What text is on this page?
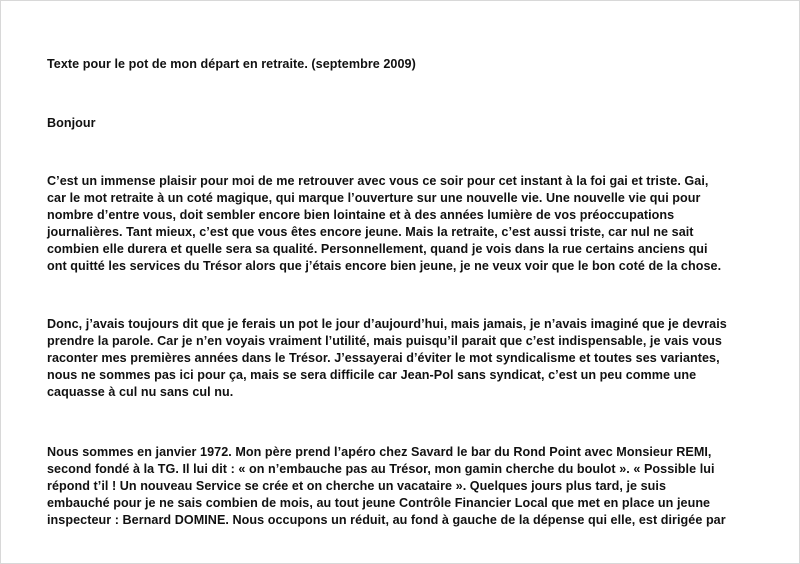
Texte pour le pot de mon départ en retraite. (septembre 2009)
Bonjour
C’est un immense plaisir pour moi de me retrouver avec vous ce soir pour cet instant à la foi gai et triste. Gai,
car le mot retraite à un coté magique, qui marque l’ouverture sur une nouvelle vie. Une nouvelle vie qui pour
nombre d’entre vous, doit sembler encore bien lointaine et à des années lumière de vos préoccupations
journalières. Tant mieux, c’est que vous êtes encore jeune. Mais la retraite, c’est aussi triste, car nul ne sait
combien elle durera et quelle sera sa qualité. Personnellement, quand je vois dans la rue certains anciens qui
ont quitté les services du Trésor alors que j’étais encore bien jeune, je ne veux voir que le bon coté de la chose.
Donc, j’avais toujours dit que je ferais un pot le jour d’aujourd’hui, mais jamais, je n’avais imaginé que je devrais
prendre la parole. Car je n’en voyais vraiment l’utilité, mais puisqu’il parait que c’est indispensable, je vais vous
raconter mes premières années dans le Trésor. J’essayerai d’éviter le mot syndicalisme et toutes ses variantes,
nous ne sommes pas ici pour ça, mais se sera difficile car Jean-Pol sans syndicat, c’est un peu comme une
caquasse à cul nu sans cul nu.
Nous sommes en janvier 1972. Mon père prend l’apéro chez Savard le bar du Rond Point avec Monsieur REMI,
second fondé à la TG. Il lui dit : « on n’embauche pas au Trésor, mon gamin cherche du boulot ». « Possible lui
répond t’il ! Un nouveau Service se crée et on cherche un vacataire ». Quelques jours plus tard, je suis
embauché pour je ne sais combien de mois, au tout jeune Contrôle Financier Local que met en place un jeune
inspecteur : Bernard DOMINE. Nous occupons un réduit, au fond à gauche de la dépense qui elle, est dirigée par
